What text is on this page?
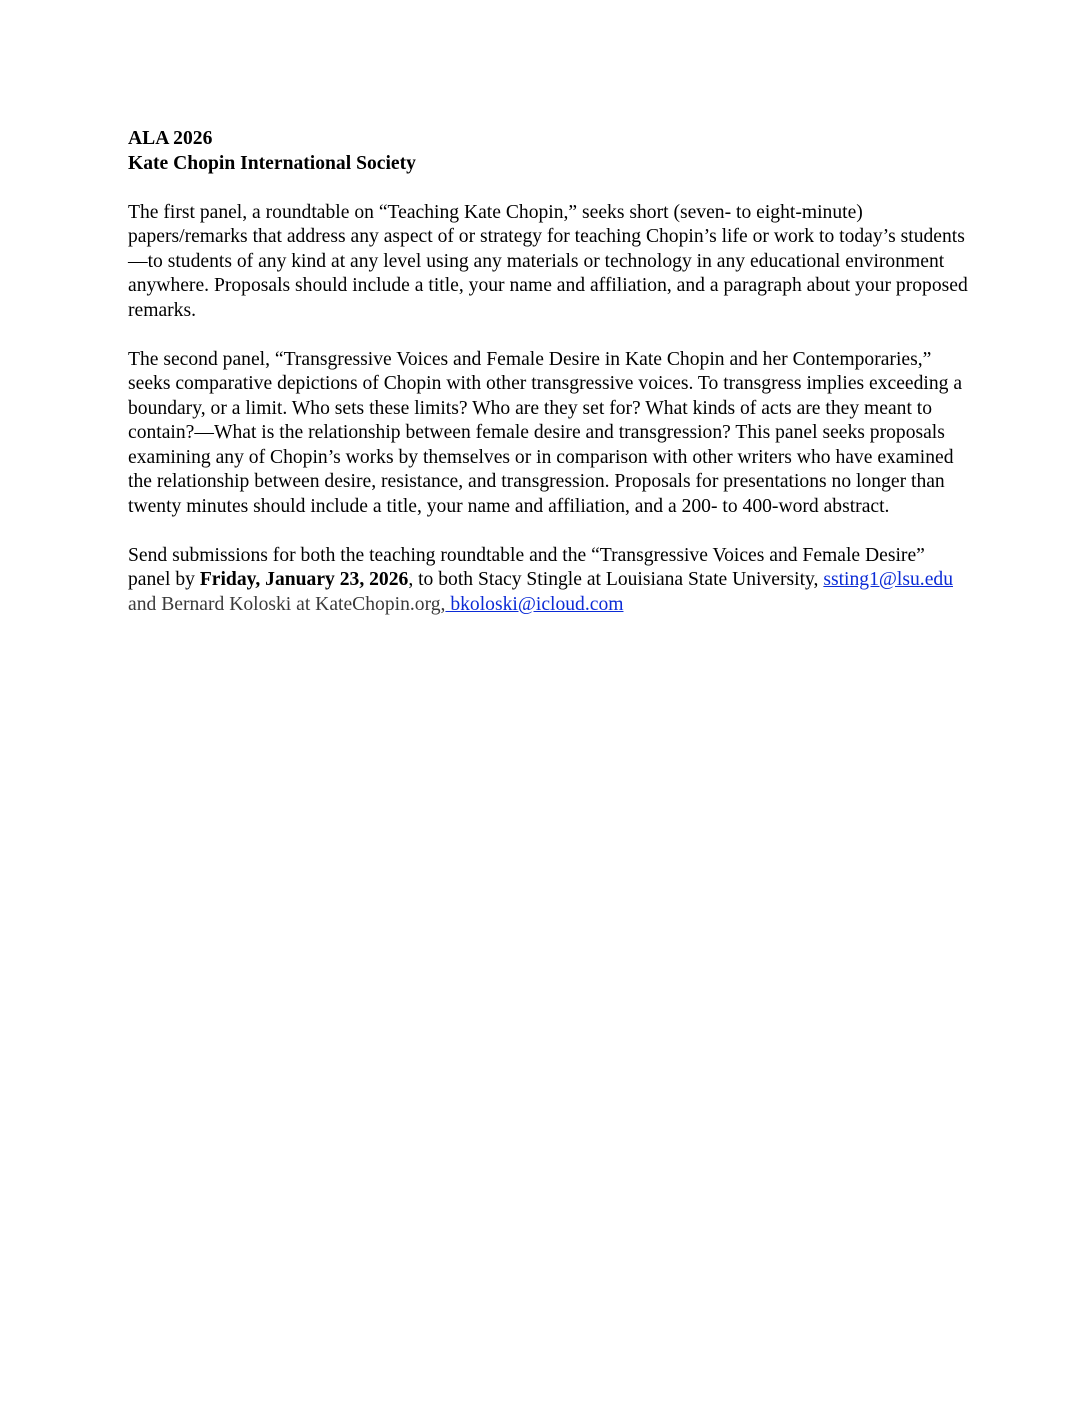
ALA 2026
Kate Chopin International Society

The first panel, a roundtable on “Teaching Kate Chopin,” seeks short (seven- to eight-minute) papers/remarks that address any aspect of or strategy for teaching Chopin’s life or work to today’s students—to students of any kind at any level using any materials or technology in any educational environment anywhere. Proposals should include a title, your name and affiliation, and a paragraph about your proposed remarks.

The second panel, “Transgressive Voices and Female Desire in Kate Chopin and her Contemporaries,” seeks comparative depictions of Chopin with other transgressive voices. To transgress implies exceeding a boundary, or a limit. Who sets these limits? Who are they set for? What kinds of acts are they meant to contain?—What is the relationship between female desire and transgression? This panel seeks proposals examining any of Chopin’s works by themselves or in comparison with other writers who have examined the relationship between desire, resistance, and transgression. Proposals for presentations no longer than twenty minutes should include a title, your name and affiliation, and a 200- to 400-word abstract.

Send submissions for both the teaching roundtable and the “Transgressive Voices and Female Desire” panel by Friday, January 23, 2026, to both Stacy Stingle at Louisiana State University, ssting1@lsu.edu and Bernard Koloski at KateChopin.org, bkoloski@icloud.com
